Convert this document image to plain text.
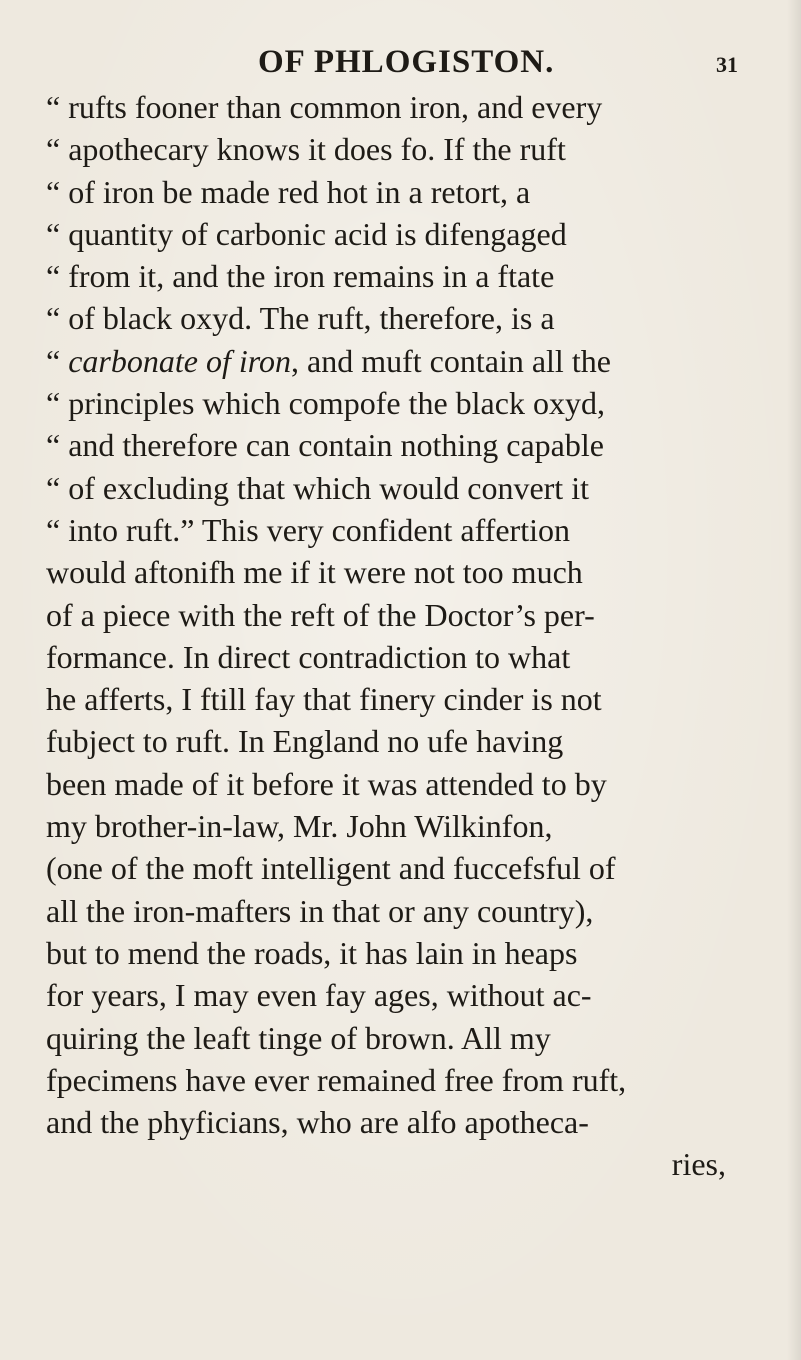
OF PHLOGISTON.	31
“ rufts fooner than common iron, and every
“ apothecary knows it does fo. If the ruft
“ of iron be made red hot in a retort, a
“ quantity of carbonic acid is difengaged
“ from it, and the iron remains in a ftate
“ of black oxyd. The ruft, therefore, is a
“ carbonate of iron, and muft contain all the
“ principles which compofe the black oxyd,
“ and therefore can contain nothing capable
“ of excluding that which would convert it
“ into ruft.” This very confident affertion
would aftonifh me if it were not too much
of a piece with the reft of the Doctor’s per-
formance. In direct contradiction to what
he afferts, I ftill fay that finery cinder is not
fubject to ruft. In England no ufe having
been made of it before it was attended to by
my brother-in-law, Mr. John Wilkinfon,
(one of the moft intelligent and fuccefsful of
all the iron-mafters in that or any country),
but to mend the roads, it has lain in heaps
for years, I may even fay ages, without ac-
quiring the leaft tinge of brown. All my
fpecimens have ever remained free from ruft,
and the phyficians, who are alfo apotheca-
ries,
